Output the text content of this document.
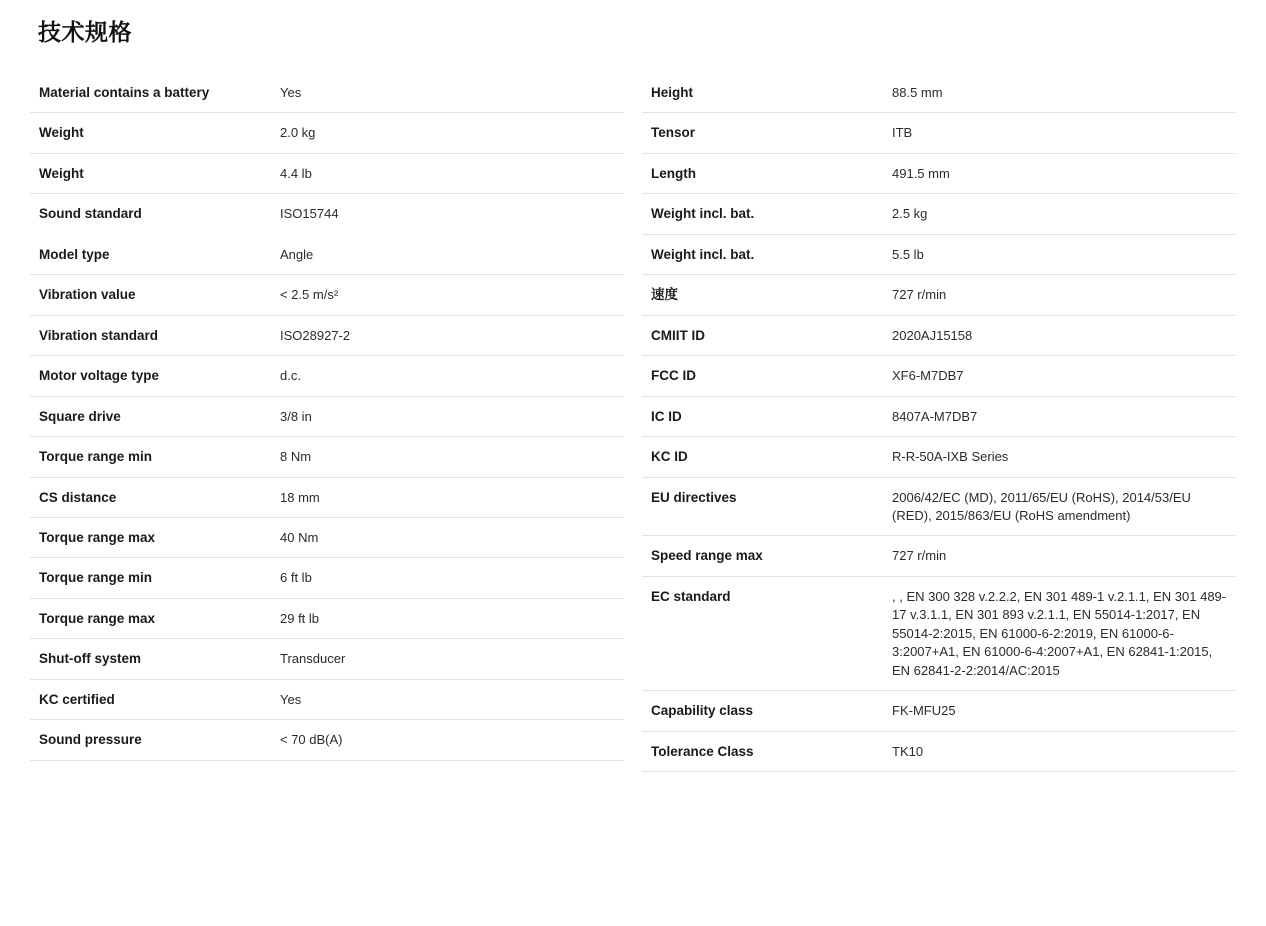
技术规格
Material contains a battery	Yes
Weight	2.0 kg
Weight	4.4 lb
Sound standard	ISO15744
Model type	Angle
Vibration value	< 2.5 m/s²
Vibration standard	ISO28927-2
Motor voltage type	d.c.
Square drive	3/8 in
Torque range min	8 Nm
CS distance	18 mm
Torque range max	40 Nm
Torque range min	6 ft lb
Torque range max	29 ft lb
Shut-off system	Transducer
KC certified	Yes
Sound pressure	< 70 dB(A)
Height	88.5 mm
Tensor	ITB
Length	491.5 mm
Weight incl. bat.	2.5 kg
Weight incl. bat.	5.5 lb
速度	727 r/min
CMIIT ID	2020AJ15158
FCC ID	XF6-M7DB7
IC ID	8407A-M7DB7
KC ID	R-R-50A-IXB Series
EU directives	2006/42/EC (MD), 2011/65/EU (RoHS), 2014/53/EU (RED), 2015/863/EU (RoHS amendment)
Speed range max	727 r/min
EC standard	, , EN 300 328 v.2.2.2, EN 301 489-1 v.2.1.1, EN 301 489-17 v.3.1.1, EN 301 893 v.2.1.1, EN 55014-1:2017, EN 55014-2:2015, EN 61000-6-2:2019, EN 61000-6-3:2007+A1, EN 61000-6-4:2007+A1, EN 62841-1:2015, EN 62841-2-2:2014/AC:2015
Capability class	FK-MFU25
Tolerance Class	TK10
